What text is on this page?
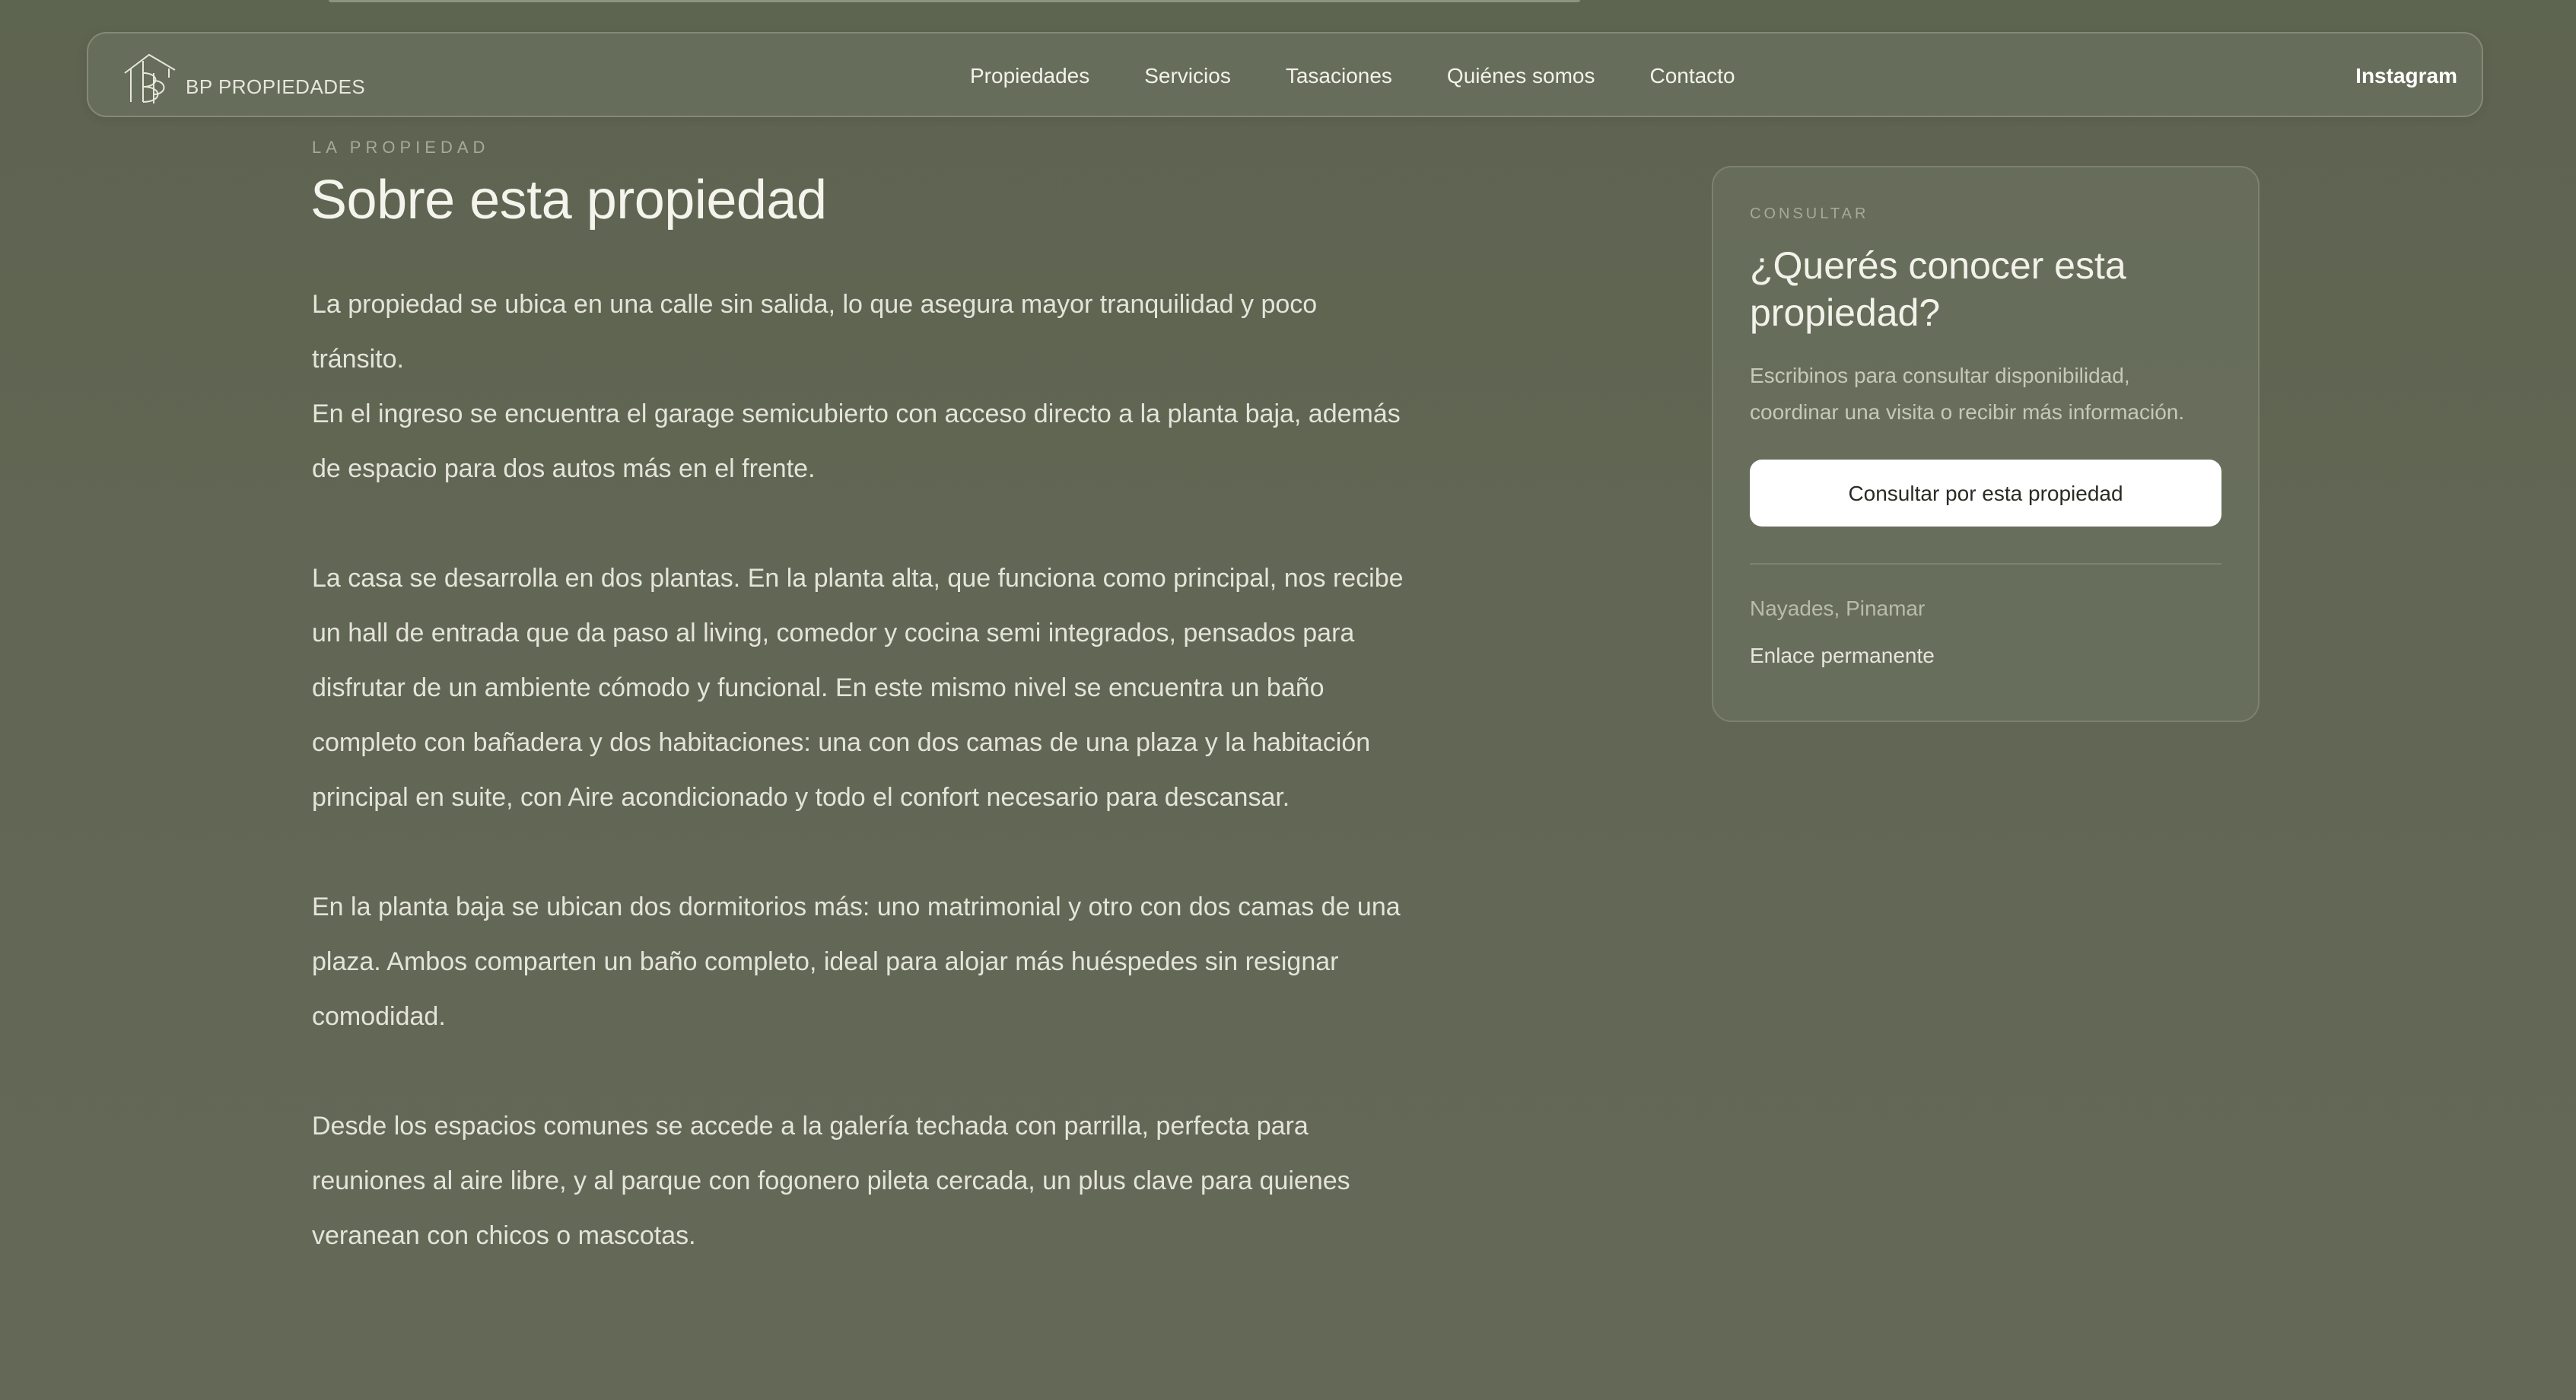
BP PROPIEDADES	Propiedades	Servicios	Tasaciones	Quiénes somos	Contacto	Instagram
LA PROPIEDAD
Sobre esta propiedad

La propiedad se ubica en una calle sin salida, lo que asegura mayor tranquilidad y poco
tránsito.
En el ingreso se encuentra el garage semicubierto con acceso directo a la planta baja, además
de espacio para dos autos más en el frente.

La casa se desarrolla en dos plantas. En la planta alta, que funciona como principal, nos recibe
un hall de entrada que da paso al living, comedor y cocina semi integrados, pensados para
disfrutar de un ambiente cómodo y funcional. En este mismo nivel se encuentra un baño
completo con bañadera y dos habitaciones: una con dos camas de una plaza y la habitación
principal en suite, con Aire acondicionado y todo el confort necesario para descansar.

En la planta baja se ubican dos dormitorios más: uno matrimonial y otro con dos camas de una
plaza. Ambos comparten un baño completo, ideal para alojar más huéspedes sin resignar
comodidad.

Desde los espacios comunes se accede a la galería techada con parrilla, perfecta para
reuniones al aire libre, y al parque con fogonero pileta cercada, un plus clave para quienes
veranean con chicos o mascotas.

CONSULTAR
¿Querés conocer esta propiedad?

Escribinos para consultar disponibilidad, coordinar una visita o recibir más información.

Consultar por esta propiedad
Nayades, Pinamar
Enlace permanente
